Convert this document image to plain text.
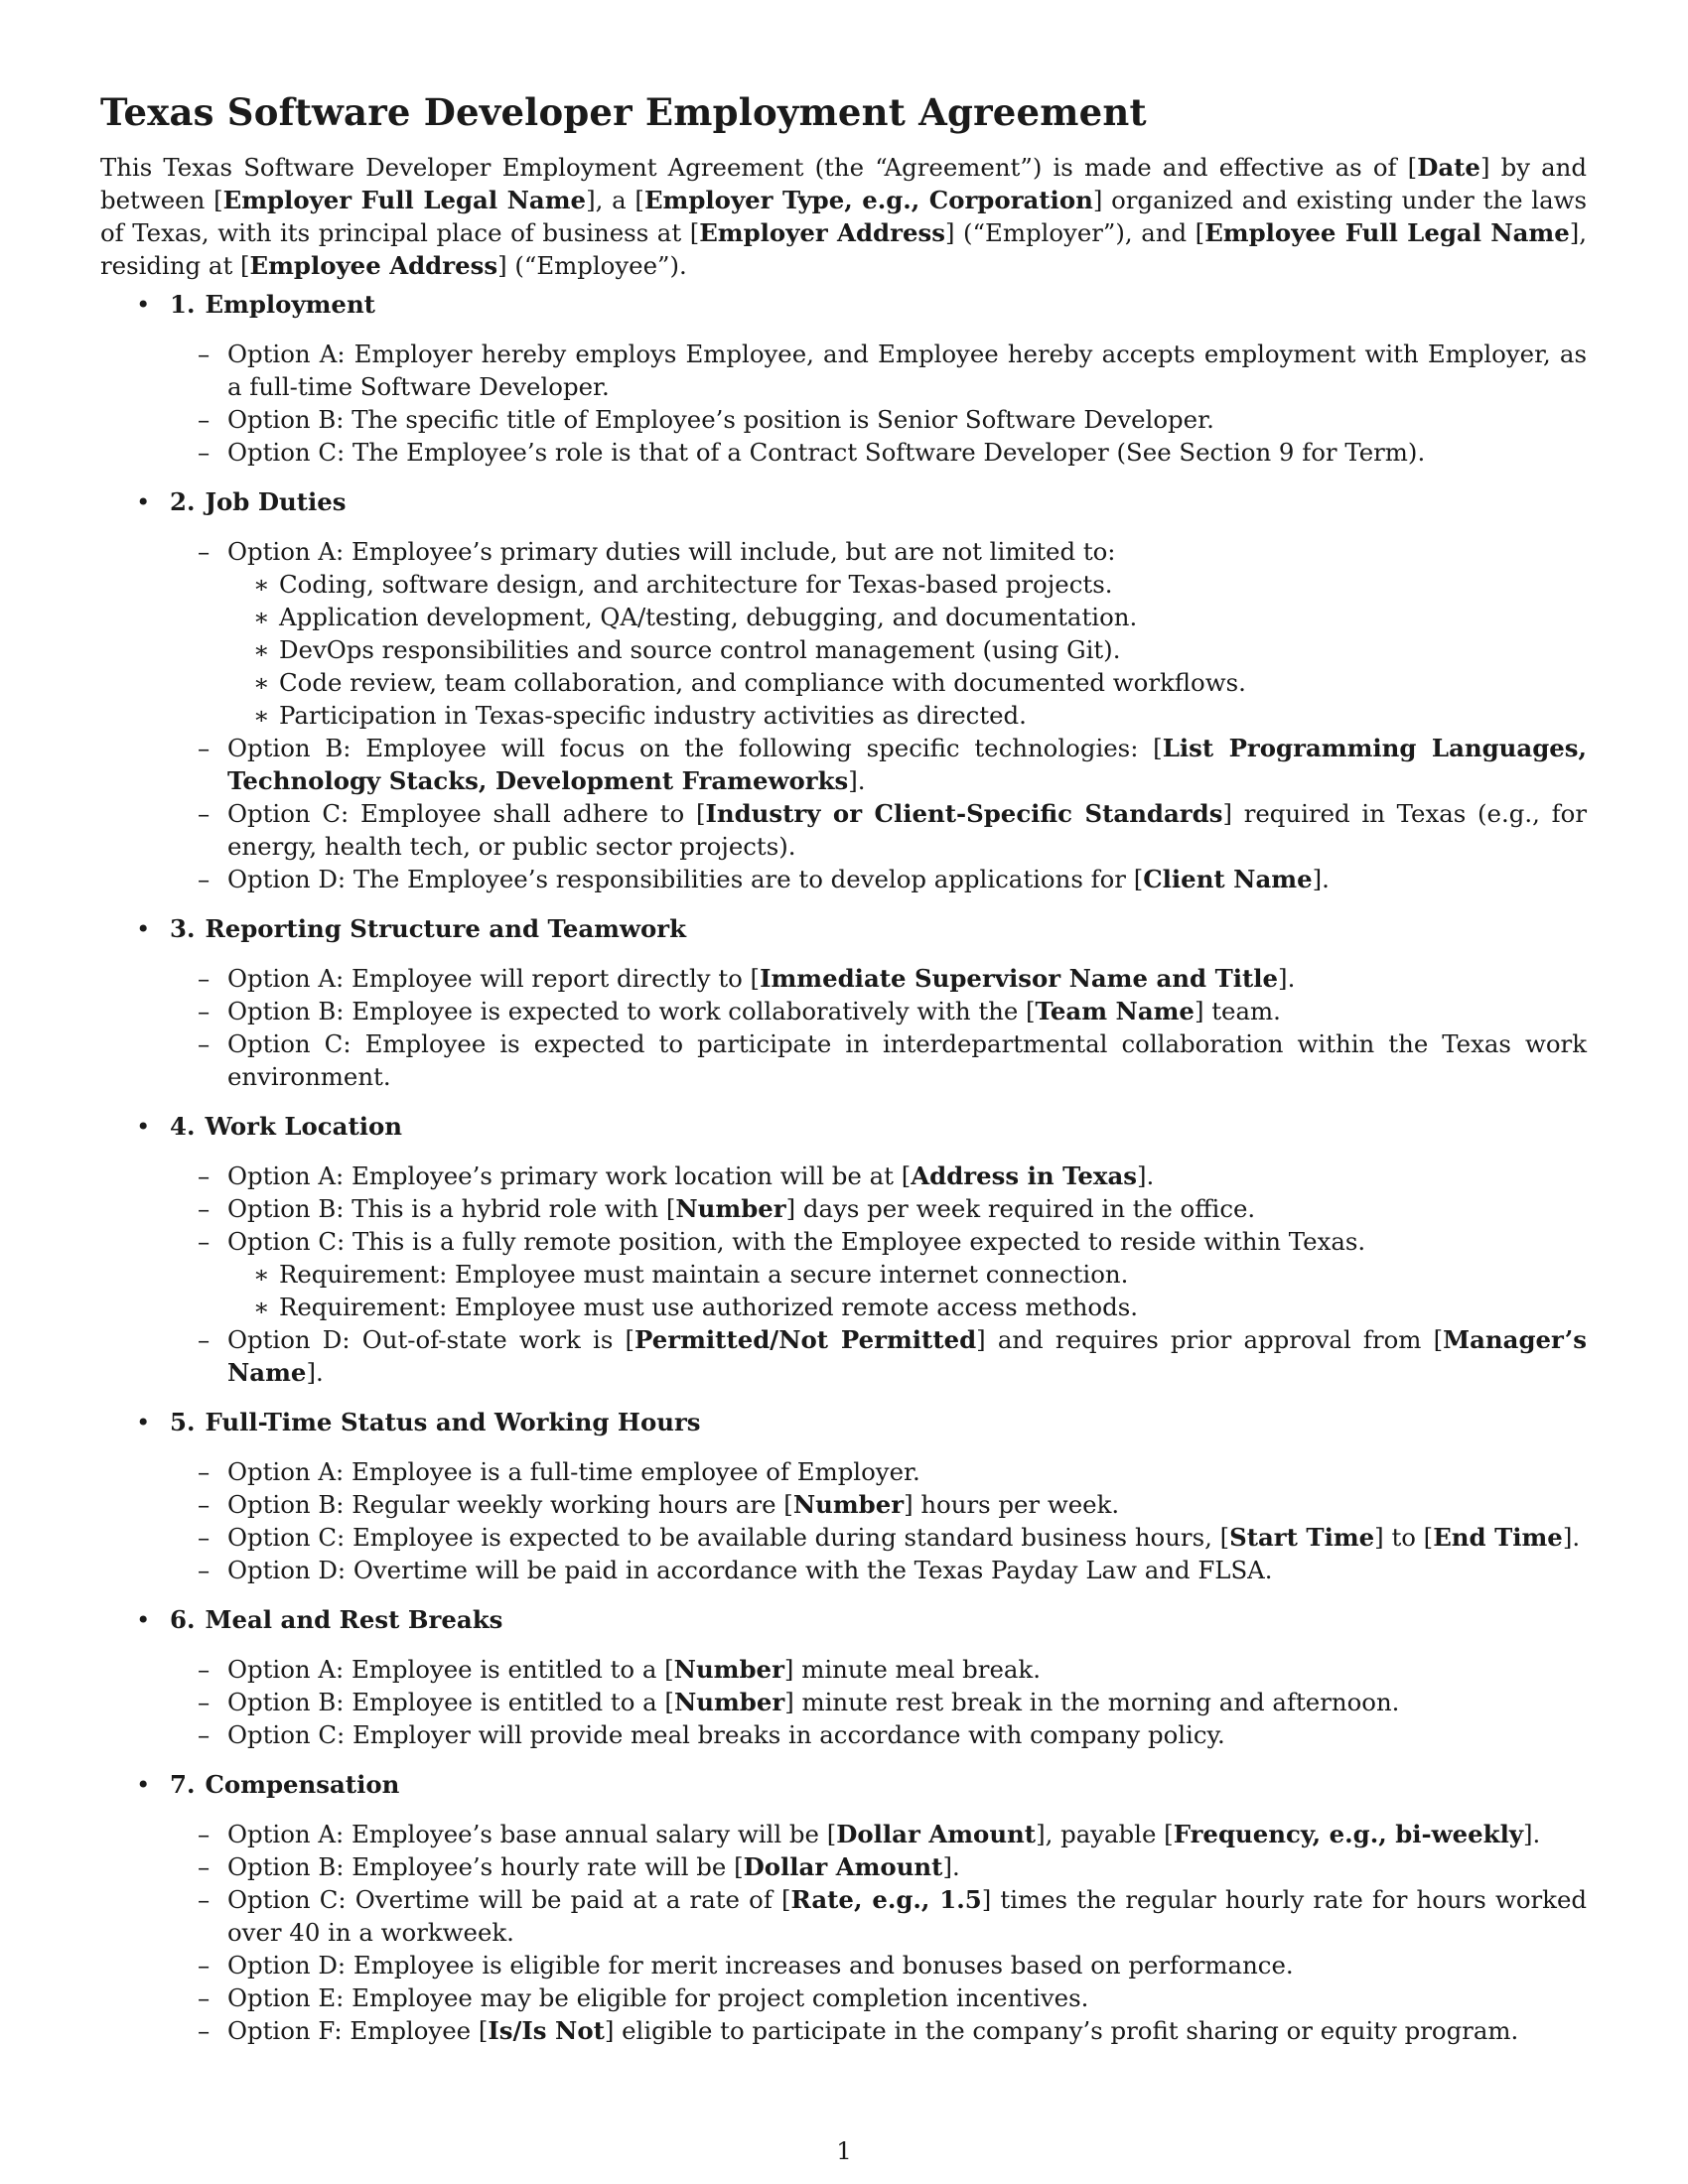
Texas Software Developer Employment Agreement

This Texas Software Developer Employment Agreement (the “Agreement”) is made and effective as of [Date] by and between [Employer Full Legal Name], a [Employer Type, e.g., Corporation] organized and existing under the laws of Texas, with its principal place of business at [Employer Address] (“Employer”), and [Employee Full Legal Name], residing at [Employee Address] (“Employee”).

• 1. Employment
– Option A: Employer hereby employs Employee, and Employee hereby accepts employment with Employer, as a full-time Software Developer.
– Option B: The specific title of Employee’s position is Senior Software Developer.
– Option C: The Employee’s role is that of a Contract Software Developer (See Section 9 for Term).
• 2. Job Duties
– Option A: Employee’s primary duties will include, but are not limited to:
∗ Coding, software design, and architecture for Texas-based projects.
∗ Application development, QA/testing, debugging, and documentation.
∗ DevOps responsibilities and source control management (using Git).
∗ Code review, team collaboration, and compliance with documented workflows.
∗ Participation in Texas-specific industry activities as directed.
– Option B: Employee will focus on the following specific technologies: [List Programming Languages, Technology Stacks, Development Frameworks].
– Option C: Employee shall adhere to [Industry or Client-Specific Standards] required in Texas (e.g., for energy, health tech, or public sector projects).
– Option D: The Employee’s responsibilities are to develop applications for [Client Name].
• 3. Reporting Structure and Teamwork
– Option A: Employee will report directly to [Immediate Supervisor Name and Title].
– Option B: Employee is expected to work collaboratively with the [Team Name] team.
– Option C: Employee is expected to participate in interdepartmental collaboration within the Texas work environment.
• 4. Work Location
– Option A: Employee’s primary work location will be at [Address in Texas].
– Option B: This is a hybrid role with [Number] days per week required in the office.
– Option C: This is a fully remote position, with the Employee expected to reside within Texas.
∗ Requirement: Employee must maintain a secure internet connection.
∗ Requirement: Employee must use authorized remote access methods.
– Option D: Out-of-state work is [Permitted/Not Permitted] and requires prior approval from [Manager’s Name].
• 5. Full-Time Status and Working Hours
– Option A: Employee is a full-time employee of Employer.
– Option B: Regular weekly working hours are [Number] hours per week.
– Option C: Employee is expected to be available during standard business hours, [Start Time] to [End Time].
– Option D: Overtime will be paid in accordance with the Texas Payday Law and FLSA.
• 6. Meal and Rest Breaks
– Option A: Employee is entitled to a [Number] minute meal break.
– Option B: Employee is entitled to a [Number] minute rest break in the morning and afternoon.
– Option C: Employer will provide meal breaks in accordance with company policy.
• 7. Compensation
– Option A: Employee’s base annual salary will be [Dollar Amount], payable [Frequency, e.g., bi-weekly].
– Option B: Employee’s hourly rate will be [Dollar Amount].
– Option C: Overtime will be paid at a rate of [Rate, e.g., 1.5] times the regular hourly rate for hours worked over 40 in a workweek.
– Option D: Employee is eligible for merit increases and bonuses based on performance.
– Option E: Employee may be eligible for project completion incentives.
– Option F: Employee [Is/Is Not] eligible to participate in the company’s profit sharing or equity program.
1
